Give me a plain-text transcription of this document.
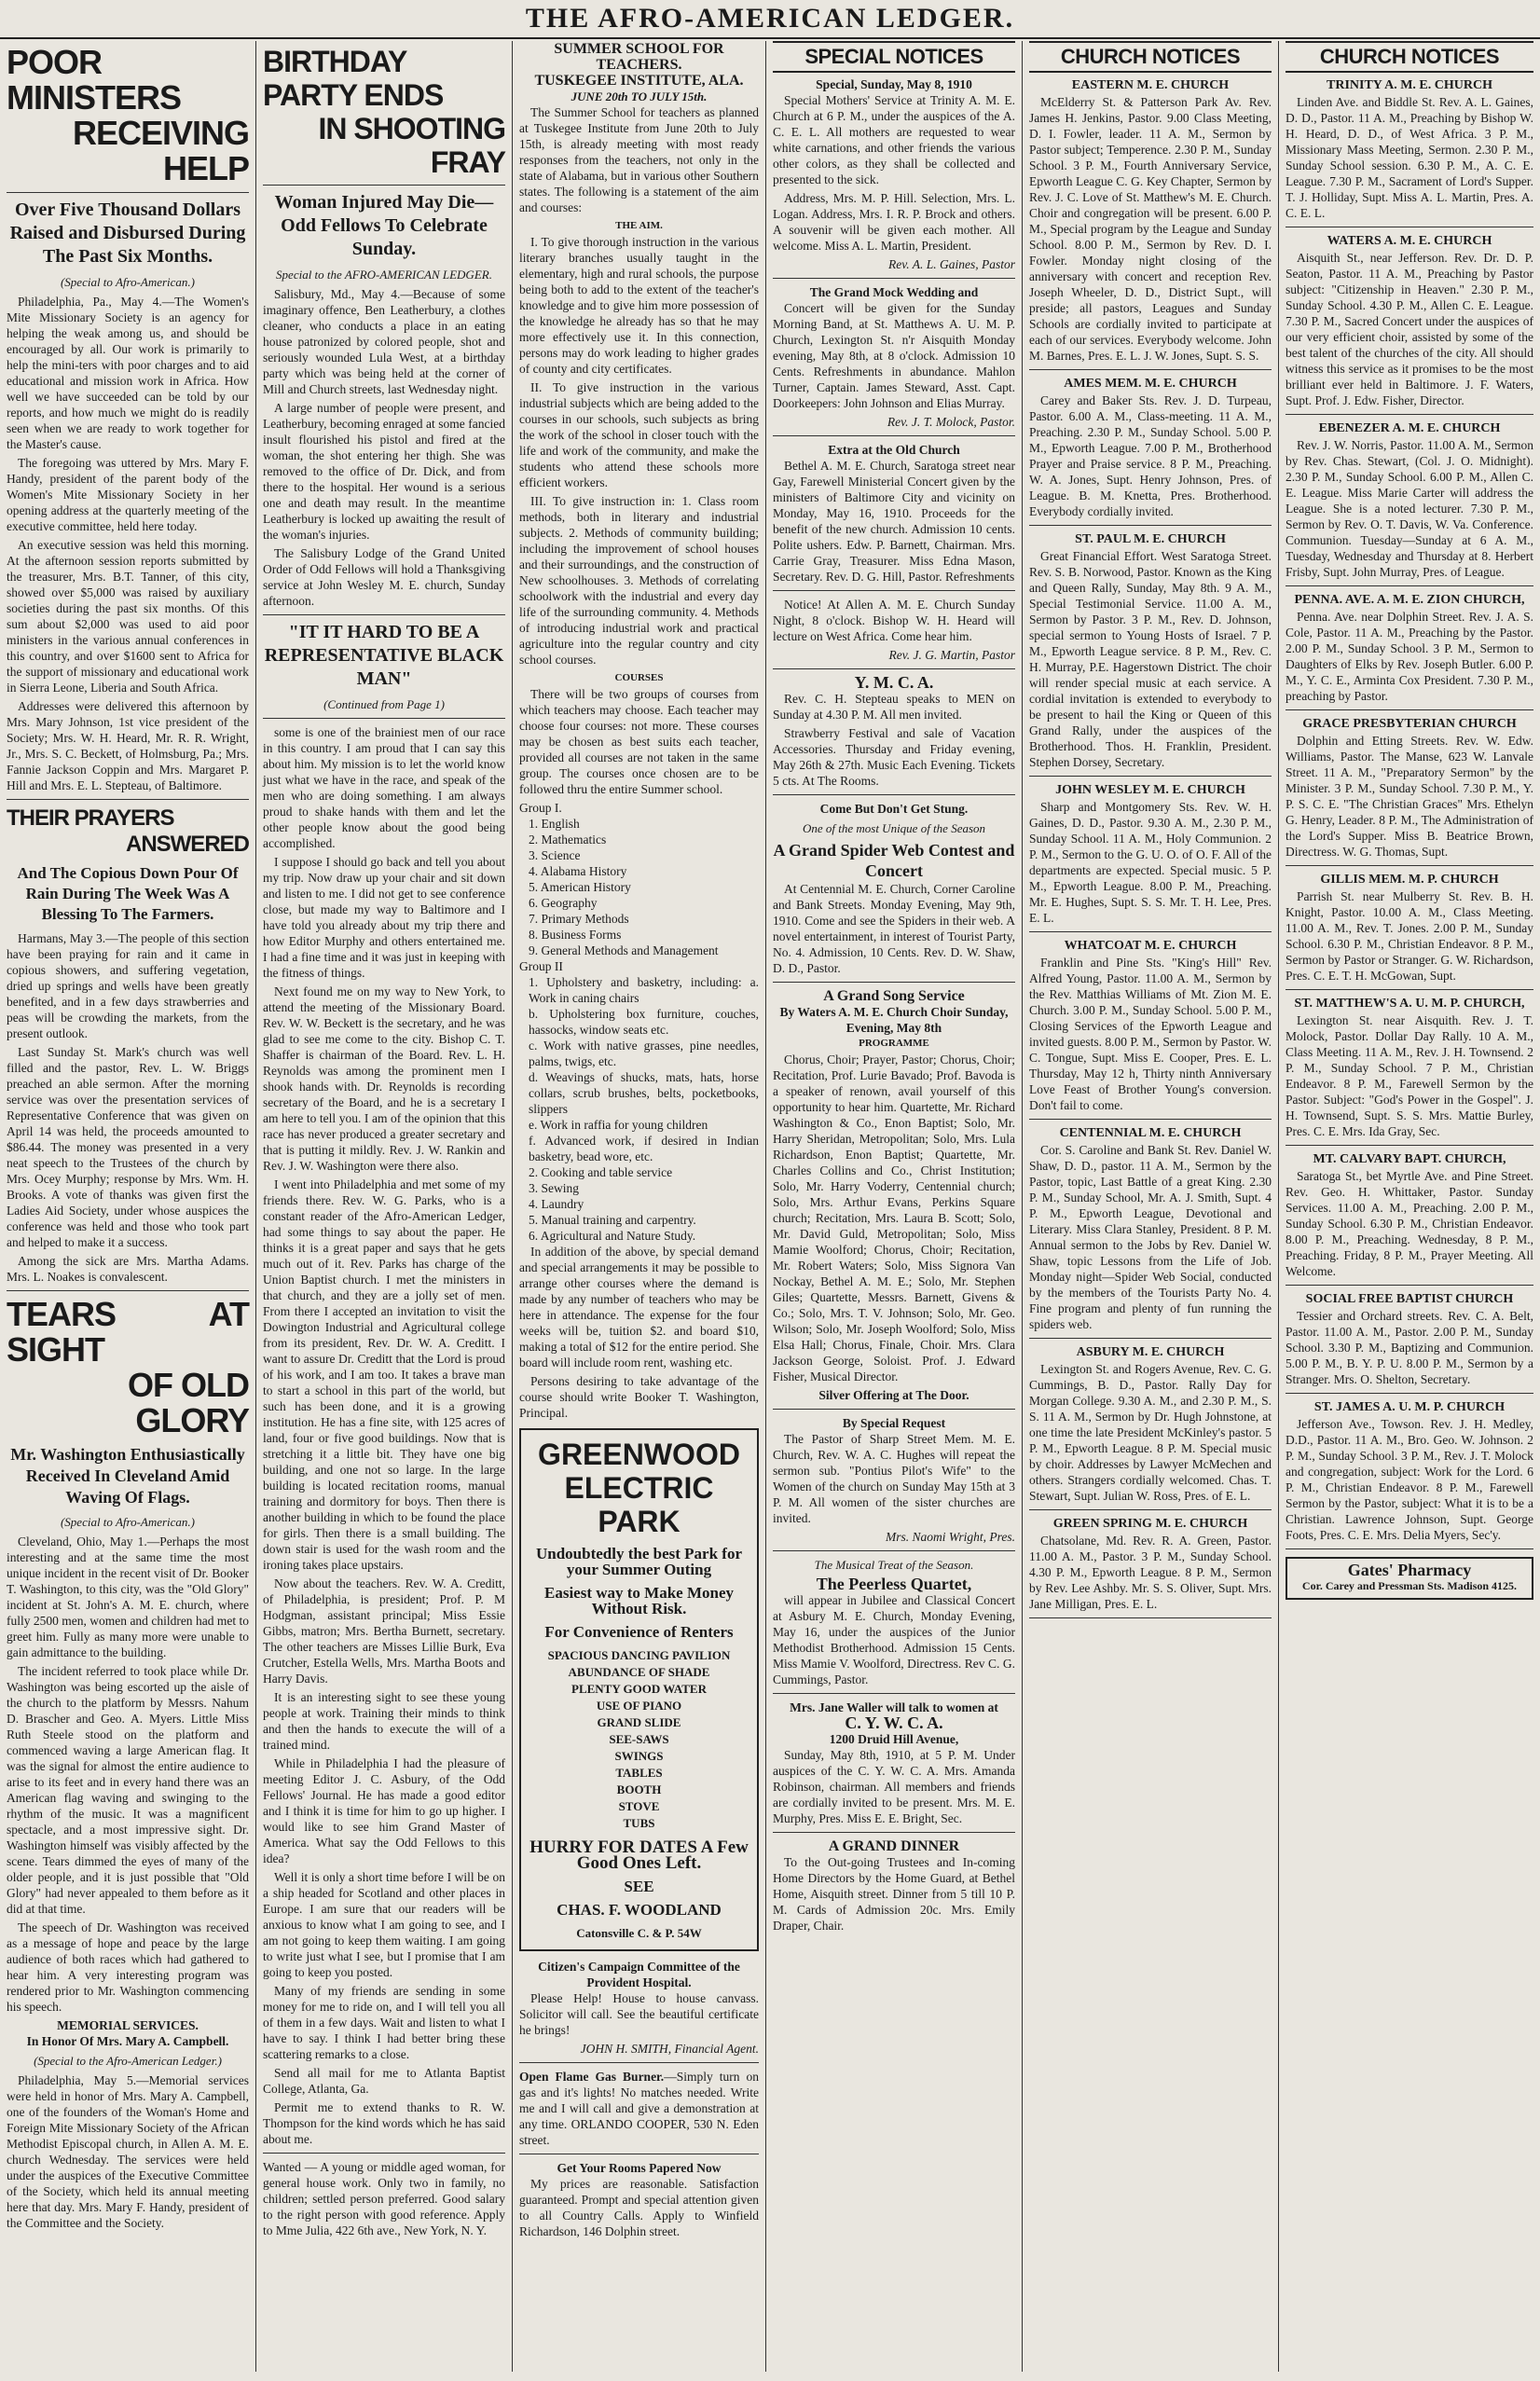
THE AFRO-AMERICAN LEDGER.
POOR MINISTERS
RECEIVING HELP
Over Five Thousand Dollars Raised and Disbursed During The Past Six Months.
(Special to Afro-American.)

Philadelphia, Pa., May 4.—The Women's Mite Missionary Society is an agency for helping the weak among us, and should be encouraged by all. Our work is primarily to help the mini-ters with poor charges and to aid educational and mission work in Africa. How well we have succeeded can be told by our reports, and how much we might do is readily seen when we are ready to work together for the Master's cause.

The foregoing was uttered by Mrs. Mary F. Handy, president of the parent body of the Women's Mite Missionary Society in her opening address at the quarterly meeting of the executive committee, held here today.

An executive session was held this morning. At the afternoon session reports submitted by the treasurer, Mrs. B.T. Tanner, of this city, showed over $5,000 was raised by auxiliary societies during the past six months. Of this sum about $2,000 was used to aid poor ministers in the various annual conferences in this country, and over $1600 sent to Africa for the support of missionary and educational work in Sierra Leone, Liberia and South Africa.

Addresses were delivered this afternoon by Mrs. Mary Johnson, 1st vice president of the Society; Mrs. W. H. Heard, Mr. R. R. Wright, Jr., Mrs. S. C. Beckett, of Holmsburg, Pa.; Mrs. Fannie Jackson Coppin and Mrs. Margaret P. Hill and Mrs. E. L. Stepteau, of Baltimore.

THEIR PRAYERS
ANSWERED
And The Copious Down Pour Of Rain During The Week Was A Blessing To The Farmers.

Harmans, May 3.—The people of this section have been praying for rain and it came in copious showers, and suffering vegetation, dried up springs and wells have been greatly benefited, and in a few days strawberries and peas will be crowding the markets, from the present outlook.

Last Sunday St. Mark's church was well filled and the pastor, Rev. L. W. Briggs preached an able sermon. After the morning service was over the presentation services of Representative Conference that was given on April 14 was held, the proceeds amounted to $86.44. The money was presented in a very neat speech to the Trustees of the church by Mrs. Ocey Murphy; response by Mrs. Wm. H. Brooks. A vote of thanks was given first the Ladies Aid Society, under whose auspices the conference was held and those who took part and helped to make it a success.

Among the sick are Mrs. Martha Adams. Mrs. L. Noakes is convalescent.

TEARS AT SIGHT
OF OLD GLORY
Mr. Washington Enthusiastically Received In Cleveland Amid Waving Of Flags.
(Special to Afro-American.)

Cleveland, Ohio, May 1.—Perhaps the most interesting and at the same time the most unique incident in the recent visit of Dr. Booker T. Washington, to this city, was the "Old Glory" incident at St. John's A. M. E. church, where fully 2500 men, women and children had met to greet him. Fully as many more were unable to gain admittance to the building.

The incident referred to took place while Dr. Washington was being escorted up the aisle of the church to the platform by Messrs. Nahum D. Brascher and Geo. A. Myers. Little Miss Ruth Steele stood on the platform and commenced waving a large American flag. It was the signal for almost the entire audience to arise to its feet and in every hand there was an American flag waving and swinging to the rhythm of the music. It was a magnificent spectacle, and a most impressive sight. Dr. Washington himself was visibly affected by the scene. Tears dimmed the eyes of many of the older people, and it is just possible that "Old Glory" had never appealed to them before as it did at that time.

The speech of Dr. Washington was received as a message of hope and peace by the large audience of both races which had gathered to hear him. A very interesting program was rendered prior to Mr. Washington commencing his speech.

MEMORIAL SERVICES.
In Honor Of Mrs. Mary A. Campbell.
(Special to the Afro-American Ledger.)

Philadelphia, May 5.—Memorial services were held in honor of Mrs. Mary A. Campbell, one of the founders of the Woman's Home and Foreign Mite Missionary Society of the African Methodist Episcopal church, in Allen A. M. E. church Wednesday. The services were held under the auspices of the Executive Committee of the Society, which held its annual meeting here that day. Mrs. Mary F. Handy, president of the Committee and the Society.

BIRTHDAY PARTY ENDS
IN SHOOTING FRAY
Woman Injured May Die—Odd Fellows To Celebrate Sunday.
Special to the AFRO-AMERICAN LEDGER.

Salisbury, Md., May 4.—Because of some imaginary offence, Ben Leatherbury, a clothes cleaner, who conducts a place in an eating house patronized by colored people, shot and seriously wounded Lula West, at a birthday party which was being held at the corner of Mill and Church streets, last Wednesday night.

A large number of people were present, and Leatherbury, becoming enraged at some fancied insult flourished his pistol and fired at the woman, the shot entering her thigh. She was removed to the office of Dr. Dick, and from there to the hospital. Her wound is a serious one and death may result. In the meantime Leatherbury is locked up awaiting the result of the woman's injuries.

The Salisbury Lodge of the Grand United Order of Odd Fellows will hold a Thanksgiving service at John Wesley M. E. church, Sunday afternoon.

"IT IT HARD TO BE A REPRESENTATIVE BLACK MAN"
(Continued from Page 1)

some is one of the brainiest men of our race in this country. I am proud that I can say this about him. My mission is to let the world know just what we have in the race, and speak of the men who are doing something. I am always proud to shake hands with them and let the other people know about the good being accomplished.

I suppose I should go back and tell you about my trip. Now draw up your chair and sit down and listen to me. I did not get to see conference close, but made my way to Baltimore and I have told you already about my trip there and how Editor Murphy and others entertained me. I had a fine time and it was just in keeping with the fitness of things.

Next found me on my way to New York, to attend the meeting of the Missionary Board. Rev. W. W. Beckett is the secretary, and he was glad to see me come to the city. Bishop C. T. Shaffer is chairman of the Board. Rev. L. H. Reynolds was among the prominent men I shook hands with. Dr. Reynolds is recording secretary of the Board, and he is a secretary I am here to tell you. I am of the opinion that this race has never produced a greater secretary and that is putting it mildly. Rev. J. W. Rankin and Rev. J. W. Washington were there also.

I went into Philadelphia and met some of my friends there. Rev. W. G. Parks, who is a constant reader of the Afro-American Ledger, had some things to say about the paper. He thinks it is a great paper and says that he gets much out of it. Rev. Parks has charge of the Union Baptist church. I met the ministers in that church, and they are a jolly set of men. From there I accepted an invitation to visit the Dowington Industrial and Agricultural college from its president, Rev. Dr. W. A. Creditt. I want to assure Dr. Creditt that the Lord is proud of his work, and I am too. It takes a brave man to start a school in this part of the world, but such has been done, and it is a growing institution. He has a fine site, with 125 acres of land, four or five good buildings. Now that is stretching it a little bit. They have one big building, and one not so large. In the large building is located recitation rooms, manual training and dormitory for boys. Then there is another building in which to be found the place for girls. Then there is a small building. The down stair is used for the wash room and the ironing takes place upstairs.

Now about the teachers. Rev. W. A. Creditt, of Philadelphia, is president; Prof. P. M Hodgman, assistant principal; Miss Essie Gibbs, matron; Mrs. Bertha Burnett, secretary. The other teachers are Misses Lillie Burk, Eva Crutcher, Estella Wells, Mrs. Martha Boots and Harry Davis.

It is an interesting sight to see these young people at work. Training their minds to think and then the hands to execute the will of a trained mind.

While in Philadelphia I had the pleasure of meeting Editor J. C. Asbury, of the Odd Fellows' Journal. He has made a good editor and I think it is time for him to go up higher. I would like to see him Grand Master of America. What say the Odd Fellows to this idea?

Well it is only a short time before I will be on a ship headed for Scotland and other places in Europe. I am sure that our readers will be anxious to know what I am going to see, and I am not going to keep them waiting. I am going to write just what I see, but I promise that I am going to keep you posted.

Many of my friends are sending in some money for me to ride on, and I will tell you all of them in a few days. Wait and listen to what I have to say. I think I had better bring these scattering remarks to a close.

Send all mail for me to Atlanta Baptist College, Atlanta, Ga.

Permit me to extend thanks to R. W. Thompson for the kind words which he has said about me.

Wanted — A young or middle aged woman, for general house work. Only two in family, no children; settled person preferred. Good salary to the right person with good reference. Apply to Mme Julia, 422 6th ave., New York, N. Y.

SUMMER SCHOOL FOR TEACHERS.
TUSKEGEE INSTITUTE, ALA.
JUNE 20th TO JULY 15th.

The Summer School for teachers as planned at Tuskegee Institute from June 20th to July 15th, is already meeting with most ready responses from the teachers, not only in the state of Alabama, but in various other Southern states. The following is a statement of the aim and courses:

THE AIM.

I. To give thorough instruction in the various literary branches usually taught in the elementary, high and rural schools, the purpose being both to add to the extent of the teacher's knowledge and to give him more possession of the knowledge he already has so that he may more effectively use it. In this connection, persons may do work leading to higher grades of county and city certificates.

II. To give instruction in the various industrial subjects which are being added to the courses in our schools, such subjects as bring the work of the school in closer touch with the life and work of the community, and make the students who attend these schools more efficient workers.

III. To give instruction in: 1. Class room methods, both in literary and industrial subjects. 2. Methods of community building; including the improvement of school houses and their surroundings, and the construction of New schoolhouses. 3. Methods of correlating schoolwork with the industrial and every day life of the surrounding community. 4. Methods of introducing industrial work and practical agriculture into the regular country and city school courses.

COURSES

There will be two groups of courses from which teachers may choose. Each teacher may choose four courses: not more. These courses may be chosen as best suits each teacher, provided all courses are not taken in the same group. The courses once chosen are to be followed thru the entire Summer school.

Group I.
1. English
2. Mathematics
3. Science
4. Alabama History
5. American History
6. Geography
7. Primary Methods
8. Business Forms
9. General Methods and Management
Group II
1. Upholstery and basketry, including: a. Work in caning chairs
b. Upholstering box furniture, couches, hassocks, window seats etc.
c. Work with native grasses, pine needles, palms, twigs, etc.
d. Weavings of shucks, mats, hats, horse collars, scrub brushes, belts, pocketbooks, slippers
e. Work in raffia for young children
f. Advanced work, if desired in Indian basketry, bead wore, etc.
2. Cooking and table service
3. Sewing
4. Laundry
5. Manual training and carpentry.
6. Agricultural and Nature Study.

In addition of the above, by special demand and special arrangements it may be possible to arrange other courses where the demand is made by any number of teachers who may be here in attendance. The expense for the four weeks will be, tuition $2. and board $10, making a total of $12 for the entire period. She board will include room rent, washing etc.

Persons desiring to take advantage of the course should write Booker T. Washington, Principal.

GREENWOOD ELECTRIC PARK
Undoubtedly the best Park for your Summer Outing
Easiest way to Make Money Without Risk.
For Convenience of Renters
SPACIOUS DANCING PAVILION
ABUNDANCE OF SHADE
PLENTY GOOD WATER
USE OF PIANO
GRAND SLIDE
SEE-SAWS
SWINGS
TABLES
BOOTH
STOVE
TUBS
HURRY FOR DATES A Few Good Ones Left.
SEE
CHAS. F. WOODLAND
Catonsville C. & P. 54W
Citizen's Campaign Committee of the Provident Hospital.

Please Help! House to house canvass. Solicitor will call. See the beautiful certificate he brings!

JOHN H. SMITH, Financial Agent.

Open Flame Gas Burner.—Simply turn on gas and it's lights! No matches needed. Write me and I will call and give a demonstration at any time. ORLANDO COOPER, 530 N. Eden street.

Get Your Rooms Papered Now

My prices are reasonable. Satisfaction guaranteed. Prompt and special attention given to all Country Calls. Apply to Winfield Richardson, 146 Dolphin street.

SPECIAL NOTICES
Special, Sunday, May 8, 1910

Special Mothers' Service at Trinity A. M. E. Church at 6 P. M., under the auspices of the A. C. E. L. All mothers are requested to wear white carnations, and other friends the various other colors, as they shall be collected and presented to the sick.

Address, Mrs. M. P. Hill. Selection, Mrs. L. Logan. Address, Mrs. I. R. P. Brock and others. A souvenir will be given each mother. All welcome. Miss A. L. Martin, President.

Rev. A. L. Gaines, Pastor
The Grand Mock Wedding and

Concert will be given for the Sunday Morning Band, at St. Matthews A. U. M. P. Church, Lexington St. n'r Aisquith Monday evening, May 8th, at 8 o'clock. Admission 10 Cents. Refreshments in abundance. Mahlon Turner, Captain. James Steward, Asst. Capt. Doorkeepers: John Johnson and Elias Murray.

Rev. J. T. Molock, Pastor.
Extra at the Old Church

Bethel A. M. E. Church, Saratoga street near Gay, Farewell Ministerial Concert given by the ministers of Baltimore City and vicinity on Monday, May 16, 1910. Proceeds for the benefit of the new church. Admission 10 cents. Polite ushers. Edw. P. Barnett, Chairman. Mrs. Carrie Gray, Treasurer. Miss Edna Mason, Secretary. Rev. D. G. Hill, Pastor. Refreshments

Notice! At Allen A. M. E. Church Sunday Night, 8 o'clock. Bishop W. H. Heard will lecture on West Africa. Come hear him.

Rev. J. G. Martin, Pastor
Y. M. C. A.

Rev. C. H. Stepteau speaks to MEN on Sunday at 4.30 P. M. All men invited.

Strawberry Festival and sale of Vacation Accessories. Thursday and Friday evening, May 26th & 27th. Music Each Evening. Tickets 5 cts. At The Rooms.

Come But Don't Get Stung.
One of the most Unique of the Season
A Grand Spider Web Contest and Concert

At Centennial M. E. Church, Corner Caroline and Bank Streets. Monday Evening, May 9th, 1910. Come and see the Spiders in their web. A novel entertainment, in interest of Tourist Party, No. 4. Admission, 10 Cents. Rev. D. W. Shaw, D. D., Pastor.

A Grand Song Service
By Waters A. M. E. Church Choir Sunday, Evening, May 8th
PROGRAMME

Chorus, Choir; Prayer, Pastor; Chorus, Choir; Recitation, Prof. Lurie Bavado; Prof. Bavoda is a speaker of renown, avail yourself of this opportunity to hear him. Quartette, Mr. Richard Washington & Co., Enon Baptist; Solo, Mr. Harry Sheridan, Metropolitan; Solo, Mrs. Lula Richardson, Enon Baptist; Quartette, Mr. Charles Collins and Co., Christ Institution; Solo, Mr. Harry Voderry, Centennial church; Solo, Mrs. Arthur Evans, Perkins Square church; Recitation, Mrs. Laura B. Scott; Solo, Mr. David Guld, Metropolitan; Solo, Miss Mamie Woolford; Chorus, Choir; Recitation, Mr. Robert Waters; Solo, Miss Signora Van Nockay, Bethel A. M. E.; Solo, Mr. Stephen Giles; Quartette, Messrs. Barnett, Givens & Co.; Solo, Mrs. T. V. Johnson; Solo, Mr. Geo. Wilson; Solo, Mr. Joseph Woolford; Solo, Miss Elsa Hall; Chorus, Finale, Choir. Mrs. Clara Jackson George, Soloist. Prof. J. Edward Fisher, Musical Director.

Silver Offering at The Door.
By Special Request

The Pastor of Sharp Street Mem. M. E. Church, Rev. W. A. C. Hughes will repeat the sermon sub. "Pontius Pilot's Wife" to the Women of the church on Sunday May 15th at 3 P. M. All women of the sister churches are invited.

Mrs. Naomi Wright, Pres.
The Musical Treat of the Season.
The Peerless Quartet,

will appear in Jubilee and Classical Concert at Asbury M. E. Church, Monday Evening, May 16, under the auspices of the Junior Methodist Brotherhood. Admission 15 Cents. Miss Mamie V. Woolford, Directress. Rev C. G. Cummings, Pastor.

Mrs. Jane Waller will talk to women at
C. Y. W. C. A.
1200 Druid Hill Avenue,

Sunday, May 8th, 1910, at 5 P. M. Under auspices of the C. Y. W. C. A. Mrs. Amanda Robinson, chairman. All members and friends are cordially invited to be present. Mrs. M. E. Murphy, Pres. Miss E. E. Bright, Sec.

A GRAND DINNER

To the Out-going Trustees and In-coming Home Directors by the Home Guard, at Bethel Home, Aisquith street. Dinner from 5 till 10 P. M. Cards of Admission 20c. Mrs. Emily Draper, Chair.

CHURCH NOTICES
EASTERN M. E. CHURCH

McElderry St. & Patterson Park Av. Rev. James H. Jenkins, Pastor. 9.00 Class Meeting, D. I. Fowler, leader. 11 A. M., Sermon by Pastor subject; Temperence. 2.30 P. M., Sunday School. 3 P. M., Fourth Anniversary Service, Epworth League C. G. Key Chapter, Sermon by Rev. J. C. Love of St. Matthew's M. E. Church. Choir and congregation will be present. 6.00 P. M., Special program by the League and Sunday School. 8.00 P. M., Sermon by Rev. D. I. Fowler. Monday night closing of the anniversary with concert and reception Rev. Joseph Wheeler, D. D., District Supt., will preside; all pastors, Leagues and Sunday Schools are cordially invited to participate at each of our services. Everybody welcome. John M. Barnes, Pres. E. L. J. W. Jones, Supt. S. S.

AMES MEM. M. E. CHURCH

Carey and Baker Sts. Rev. J. D. Turpeau, Pastor. 6.00 A. M., Class-meeting. 11 A. M., Preaching. 2.30 P. M., Sunday School. 5.00 P. M., Epworth League. 7.00 P. M., Brotherhood Prayer and Praise service. 8 P. M., Preaching. W. A. Jones, Supt. Henry Johnson, Pres. of League. B. M. Knetta, Pres. Brotherhood. Everybody cordially invited.

ST. PAUL M. E. CHURCH

Great Financial Effort. West Saratoga Street. Rev. S. B. Norwood, Pastor. Known as the King and Queen Rally, Sunday, May 8th. 9 A. M., Special Testimonial Service. 11.00 A. M., Sermon by Pastor. 3 P. M., Rev. D. Johnson, special sermon to Young Hosts of Israel. 7 P. M., Epworth League service. 8 P. M., Rev. C. H. Murray, P.E. Hagerstown District. The choir will render special music at each service. A cordial invitation is extended to everybody to be present to hail the King or Queen of this Grand Rally, under the auspices of the Brotherhood. Thos. H. Franklin, President. Stephen Dorsey, Secretary.

JOHN WESLEY M. E. CHURCH

Sharp and Montgomery Sts. Rev. W. H. Gaines, D. D., Pastor. 9.30 A. M., 2.30 P. M., Sunday School. 11 A. M., Holy Communion. 2 P. M., Sermon to the G. U. O. of O. F. All of the departments are expected. Special music. 5 P. M., Epworth League. 8.00 P. M., Preaching. Mr. E. Hughes, Supt. S. S. Mr. T. H. Lee, Pres. E. L.

WHATCOAT M. E. CHURCH

Franklin and Pine Sts. "King's Hill" Rev. Alfred Young, Pastor. 11.00 A. M., Sermon by the Rev. Matthias Williams of Mt. Zion M. E. Church. 3.00 P. M., Sunday School. 5.00 P. M., Closing Services of the Epworth League and invited guests. 8.00 P. M., Sermon by Pastor. W. C. Tongue, Supt. Miss E. Cooper, Pres. E. L. Thursday, May 12 h, Thirty ninth Anniversary Love Feast of Brother Young's conversion. Don't fail to come.

CENTENNIAL M. E. CHURCH

Cor. S. Caroline and Bank St. Rev. Daniel W. Shaw, D. D., pastor. 11 A. M., Sermon by the Pastor, topic, Last Battle of a great King. 2.30 P. M., Sunday School, Mr. A. J. Smith, Supt. 4 P. M., Epworth League, Devotional and Literary. Miss Clara Stanley, President. 8 P. M. Annual sermon to the Jobs by Rev. Daniel W. Shaw, topic Lessons from the Life of Job. Monday night—Spider Web Social, conducted by the members of the Tourists Party No. 4. Fine program and plenty of fun running the spiders web.

ASBURY M. E. CHURCH

Lexington St. and Rogers Avenue, Rev. C. G. Cummings, B. D., Pastor. Rally Day for Morgan College. 9.30 A. M., and 2.30 P. M., S. S. 11 A. M., Sermon by Dr. Hugh Johnstone, at one time the late President McKinley's pastor. 5 P. M., Epworth League. 8 P. M. Special music by choir. Addresses by Lawyer McMechen and others. Strangers cordially welcomed. Chas. T. Stewart, Supt. Julian W. Ross, Pres. of E. L.

GREEN SPRING M. E. CHURCH

Chatsolane, Md. Rev. R. A. Green, Pastor. 11.00 A. M., Pastor. 3 P. M., Sunday School. 4.30 P. M., Epworth League. 8 P. M., Sermon by Rev. Lee Ashby. Mr. S. S. Oliver, Supt. Mrs. Jane Milligan, Pres. E. L.

CHURCH NOTICES
TRINITY A. M. E. CHURCH

Linden Ave. and Biddle St. Rev. A. L. Gaines, D. D., Pastor. 11 A. M., Preaching by Bishop W. H. Heard, D. D., of West Africa. 3 P. M., Missionary Mass Meeting, Sermon. 2.30 P. M., Sunday School session. 6.30 P. M., A. C. E. League. 7.30 P. M., Sacrament of Lord's Supper. T. J. Holliday, Supt. Miss A. L. Martin, Pres. A. C. E. L.

WATERS A. M. E. CHURCH

Aisquith St., near Jefferson. Rev. Dr. D. P. Seaton, Pastor. 11 A. M., Preaching by Pastor subject: "Citizenship in Heaven." 2.30 P. M., Sunday School. 4.30 P. M., Allen C. E. League. 7.30 P. M., Sacred Concert under the auspices of our very efficient choir, assisted by some of the best talent of the churches of the city. All should witness this service as it promises to be the most brilliant ever held in Baltimore. J. F. Waters, Supt. Prof. J. Edw. Fisher, Director.

EBENEZER A. M. E. CHURCH

Rev. J. W. Norris, Pastor. 11.00 A. M., Sermon by Rev. Chas. Stewart, (Col. J. O. Midnight). 2.30 P. M., Sunday School. 6.00 P. M., Allen C. E. League. Miss Marie Carter will address the League. She is a noted lecturer. 7.30 P. M., Sermon by Rev. O. T. Davis, W. Va. Conference. Communion. Tuesday—Sunday at 6 A. M., Tuesday, Wednesday and Thursday at 8. Herbert Frisby, Supt. John Murray, Pres. of League.

PENNA. AVE. A. M. E. ZION CHURCH,

Penna. Ave. near Dolphin Street. Rev. J. A. S. Cole, Pastor. 11 A. M., Preaching by the Pastor. 2.00 P. M., Sunday School. 3 P. M., Sermon to Daughters of Elks by Rev. Joseph Butler. 6.00 P. M., Y. C. E., Arminta Cox President. 7.30 P. M., preaching by Pastor.

GRACE PRESBYTERIAN CHURCH

Dolphin and Etting Streets. Rev. W. Edw. Williams, Pastor. The Manse, 623 W. Lanvale Street. 11 A. M., "Preparatory Sermon" by the Minister. 3 P. M., Sunday School. 7.30 P. M., Y. P. S. C. E. "The Christian Graces" Mrs. Ethelyn G. Henry, Leader. 8 P. M., The Administration of the Lord's Supper. Miss B. Beatrice Brown, Directress. W. G. Thomas, Supt.

GILLIS MEM. M. P. CHURCH

Parrish St. near Mulberry St. Rev. B. H. Knight, Pastor. 10.00 A. M., Class Meeting. 11.00 A. M., Rev. T. Jones. 2.00 P. M., Sunday School. 6.30 P. M., Christian Endeavor. 8 P. M., Sermon by Pastor or Stranger. G. W. Richardson, Pres. C. E. T. H. McGowan, Supt.

ST. MATTHEW'S A. U. M. P. CHURCH,

Lexington St. near Aisquith. Rev. J. T. Molock, Pastor. Dollar Day Rally. 10 A. M., Class Meeting. 11 A. M., Rev. J. H. Townsend. 2 P. M., Sunday School. 7 P. M., Christian Endeavor. 8 P. M., Farewell Sermon by the Pastor. Subject: "God's Power in the Gospel". J. H. Townsend, Supt. S. S. Mrs. Mattie Burley, Pres. C. E. Mrs. Ida Gray, Sec.

MT. CALVARY BAPT. CHURCH,

Saratoga St., bet Myrtle Ave. and Pine Street. Rev. Geo. H. Whittaker, Pastor. Sunday Services. 11.00 A. M., Preaching. 2.00 P. M., Sunday School. 6.30 P. M., Christian Endeavor. 8.00 P. M., Preaching. Wednesday, 8 P. M., Preaching. Friday, 8 P. M., Prayer Meeting. All Welcome.

SOCIAL FREE BAPTIST CHURCH

Tessier and Orchard streets. Rev. C. A. Belt, Pastor. 11.00 A. M., Pastor. 2.00 P. M., Sunday School. 3.30 P. M., Baptizing and Communion. 5.00 P. M., B. Y. P. U. 8.00 P. M., Sermon by a Stranger. Mrs. O. Shelton, Secretary.

ST. JAMES A. U. M. P. CHURCH

Jefferson Ave., Towson. Rev. J. H. Medley, D.D., Pastor. 11 A. M., Bro. Geo. W. Johnson. 2 P. M., Sunday School. 3 P. M., Rev. J. T. Molock and congregation, subject: Work for the Lord. 6 P. M., Christian Endeavor. 8 P. M., Farewell Sermon by the Pastor, subject: What it is to be a Christian. Lawrence Johnson, Supt. George Foots, Pres. C. E. Mrs. Delia Myers, Sec'y.

Gates' Pharmacy
Cor. Carey and Pressman Sts. Madison 4125.
